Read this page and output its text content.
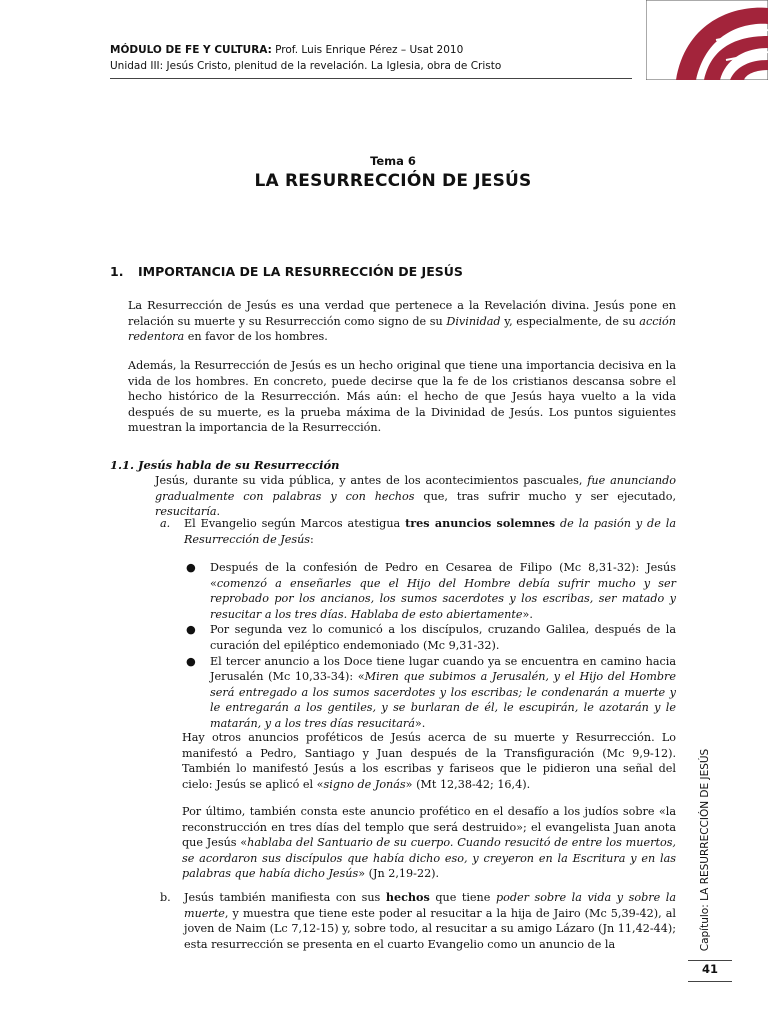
MÓDULO DE FE Y CULTURA: Prof. Luis Enrique Pérez – Usat 2010
Unidad III: Jesús Cristo, plenitud de la revelación. La Iglesia, obra de Cristo
Tema 6
LA RESURRECCIÓN DE JESÚS
1. IMPORTANCIA DE LA RESURRECCIÓN DE JESÚS
La Resurrección de Jesús es una verdad que pertenece a la Revelación divina. Jesús pone en relación su muerte y su Resurrección como signo de su Divinidad y, especialmente, de su acción redentora en favor de los hombres.
Además, la Resurrección de Jesús es un hecho original que tiene una importancia decisiva en la vida de los hombres. En concreto, puede decirse que la fe de los cristianos descansa sobre el hecho histórico de la Resurrección. Más aún: el hecho de que Jesús haya vuelto a la vida después de su muerte, es la prueba máxima de la Divinidad de Jesús. Los puntos siguientes muestran la importancia de la Resurrección.
1.1. Jesús habla de su Resurrección
Jesús, durante su vida pública, y antes de los acontecimientos pascuales, fue anunciando gradualmente con palabras y con hechos que, tras sufrir mucho y ser ejecutado, resucitaría.
a. El Evangelio según Marcos atestigua tres anuncios solemnes de la pasión y de la Resurrección de Jesús:
● Después de la confesión de Pedro en Cesarea de Filipo (Mc 8,31-32): Jesús «comenzó a enseñarles que el Hijo del Hombre debía sufrir mucho y ser reprobado por los ancianos, los sumos sacerdotes y los escribas, ser matado y resucitar a los tres días. Hablaba de esto abiertamente».
● Por segunda vez lo comunicó a los discípulos, cruzando Galilea, después de la curación del epiléptico endemoniado (Mc 9,31-32).
● El tercer anuncio a los Doce tiene lugar cuando ya se encuentra en camino hacia Jerusalén (Mc 10,33-34): «Miren que subimos a Jerusalén, y el Hijo del Hombre será entregado a los sumos sacerdotes y los escribas; le condenarán a muerte y le entregarán a los gentiles, y se burlaran de él, le escupirán, le azotarán y le matarán, y a los tres días resucitará».
Hay otros anuncios proféticos de Jesús acerca de su muerte y Resurrección. Lo manifestó a Pedro, Santiago y Juan después de la Transfiguración (Mc 9,9-12). También lo manifestó Jesús a los escribas y fariseos que le pidieron una señal del cielo: Jesús se aplicó el «signo de Jonás» (Mt 12,38-42; 16,4).
Por último, también consta este anuncio profético en el desafío a los judíos sobre «la reconstrucción en tres días del templo que será destruido»; el evangelista Juan anota que Jesús «hablaba del Santuario de su cuerpo. Cuando resucitó de entre los muertos, se acordaron sus discípulos que había dicho eso, y creyeron en la Escritura y en las palabras que había dicho Jesús» (Jn 2,19-22).
b. Jesús también manifiesta con sus hechos que tiene poder sobre la vida y sobre la muerte, y muestra que tiene este poder al resucitar a la hija de Jairo (Mc 5,39-42), al joven de Naim (Lc 7,12-15) y, sobre todo, al resucitar a su amigo Lázaro (Jn 11,42-44); esta resurrección se presenta en el cuarto Evangelio como un anuncio de la	Capítulo: LA RESURRECCIÓN DE JESÚS
41
